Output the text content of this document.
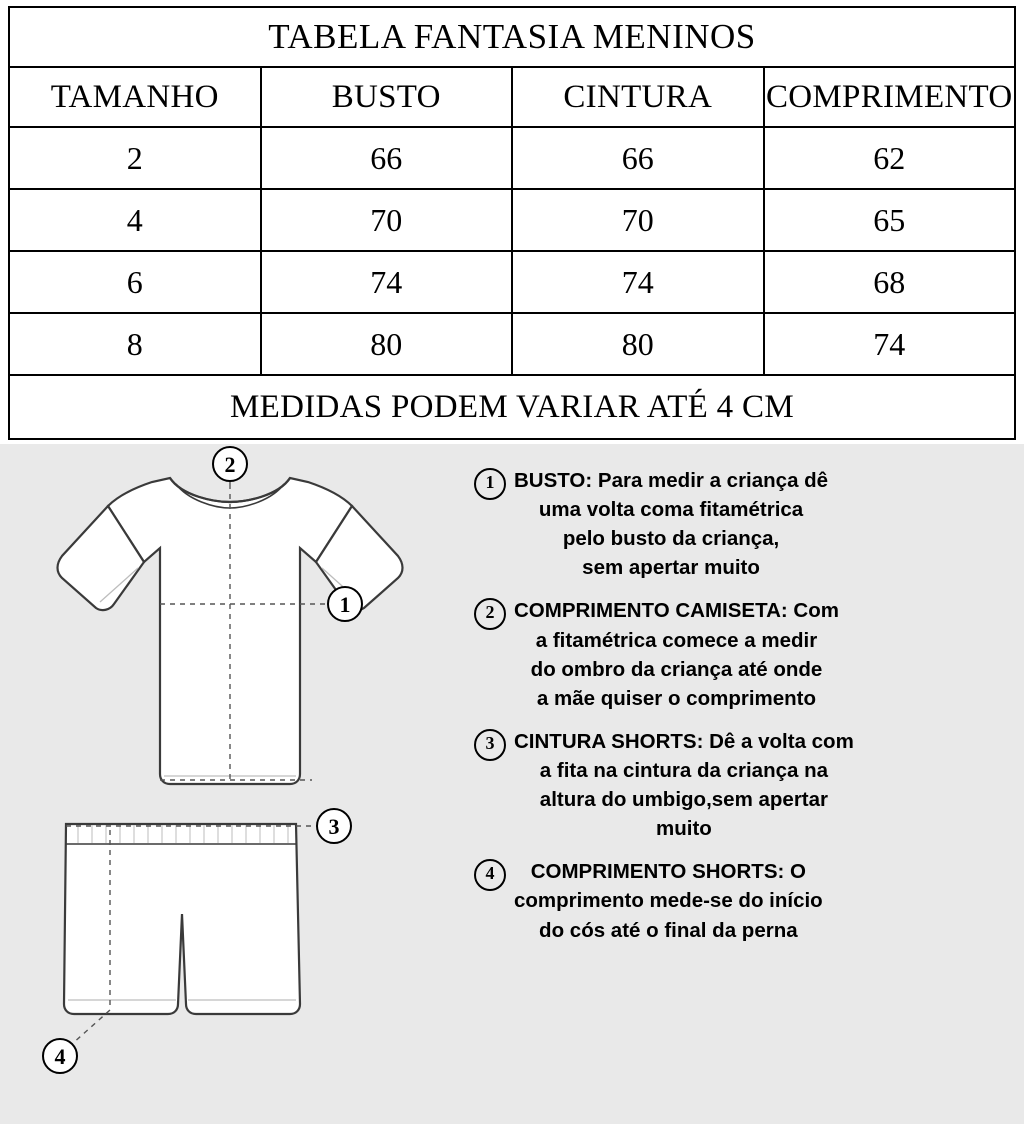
TABELA FANTASIA MENINOS			
TAMANHO	BUSTO	CINTURA	COMPRIMENTO
2	66	66	62
4	70	70	65
6	74	74	68
8	80	80	74
MEDIDAS PODEM VARIAR ATÉ 4 CM			
2
1
3
4
1 BUSTO: Para medir a criança dê
uma volta coma fitamétrica
pelo busto da criança,
sem apertar muito
2 COMPRIMENTO CAMISETA: Com
a fitamétrica comece a medir
do ombro da criança até onde
a mãe quiser o comprimento
3 CINTURA SHORTS: Dê a volta com
a fita na cintura da criança na
altura do umbigo,sem apertar
muito
4	COMPRIMENTO SHORTS: O
comprimento mede-se do início
do cós até o final da perna
